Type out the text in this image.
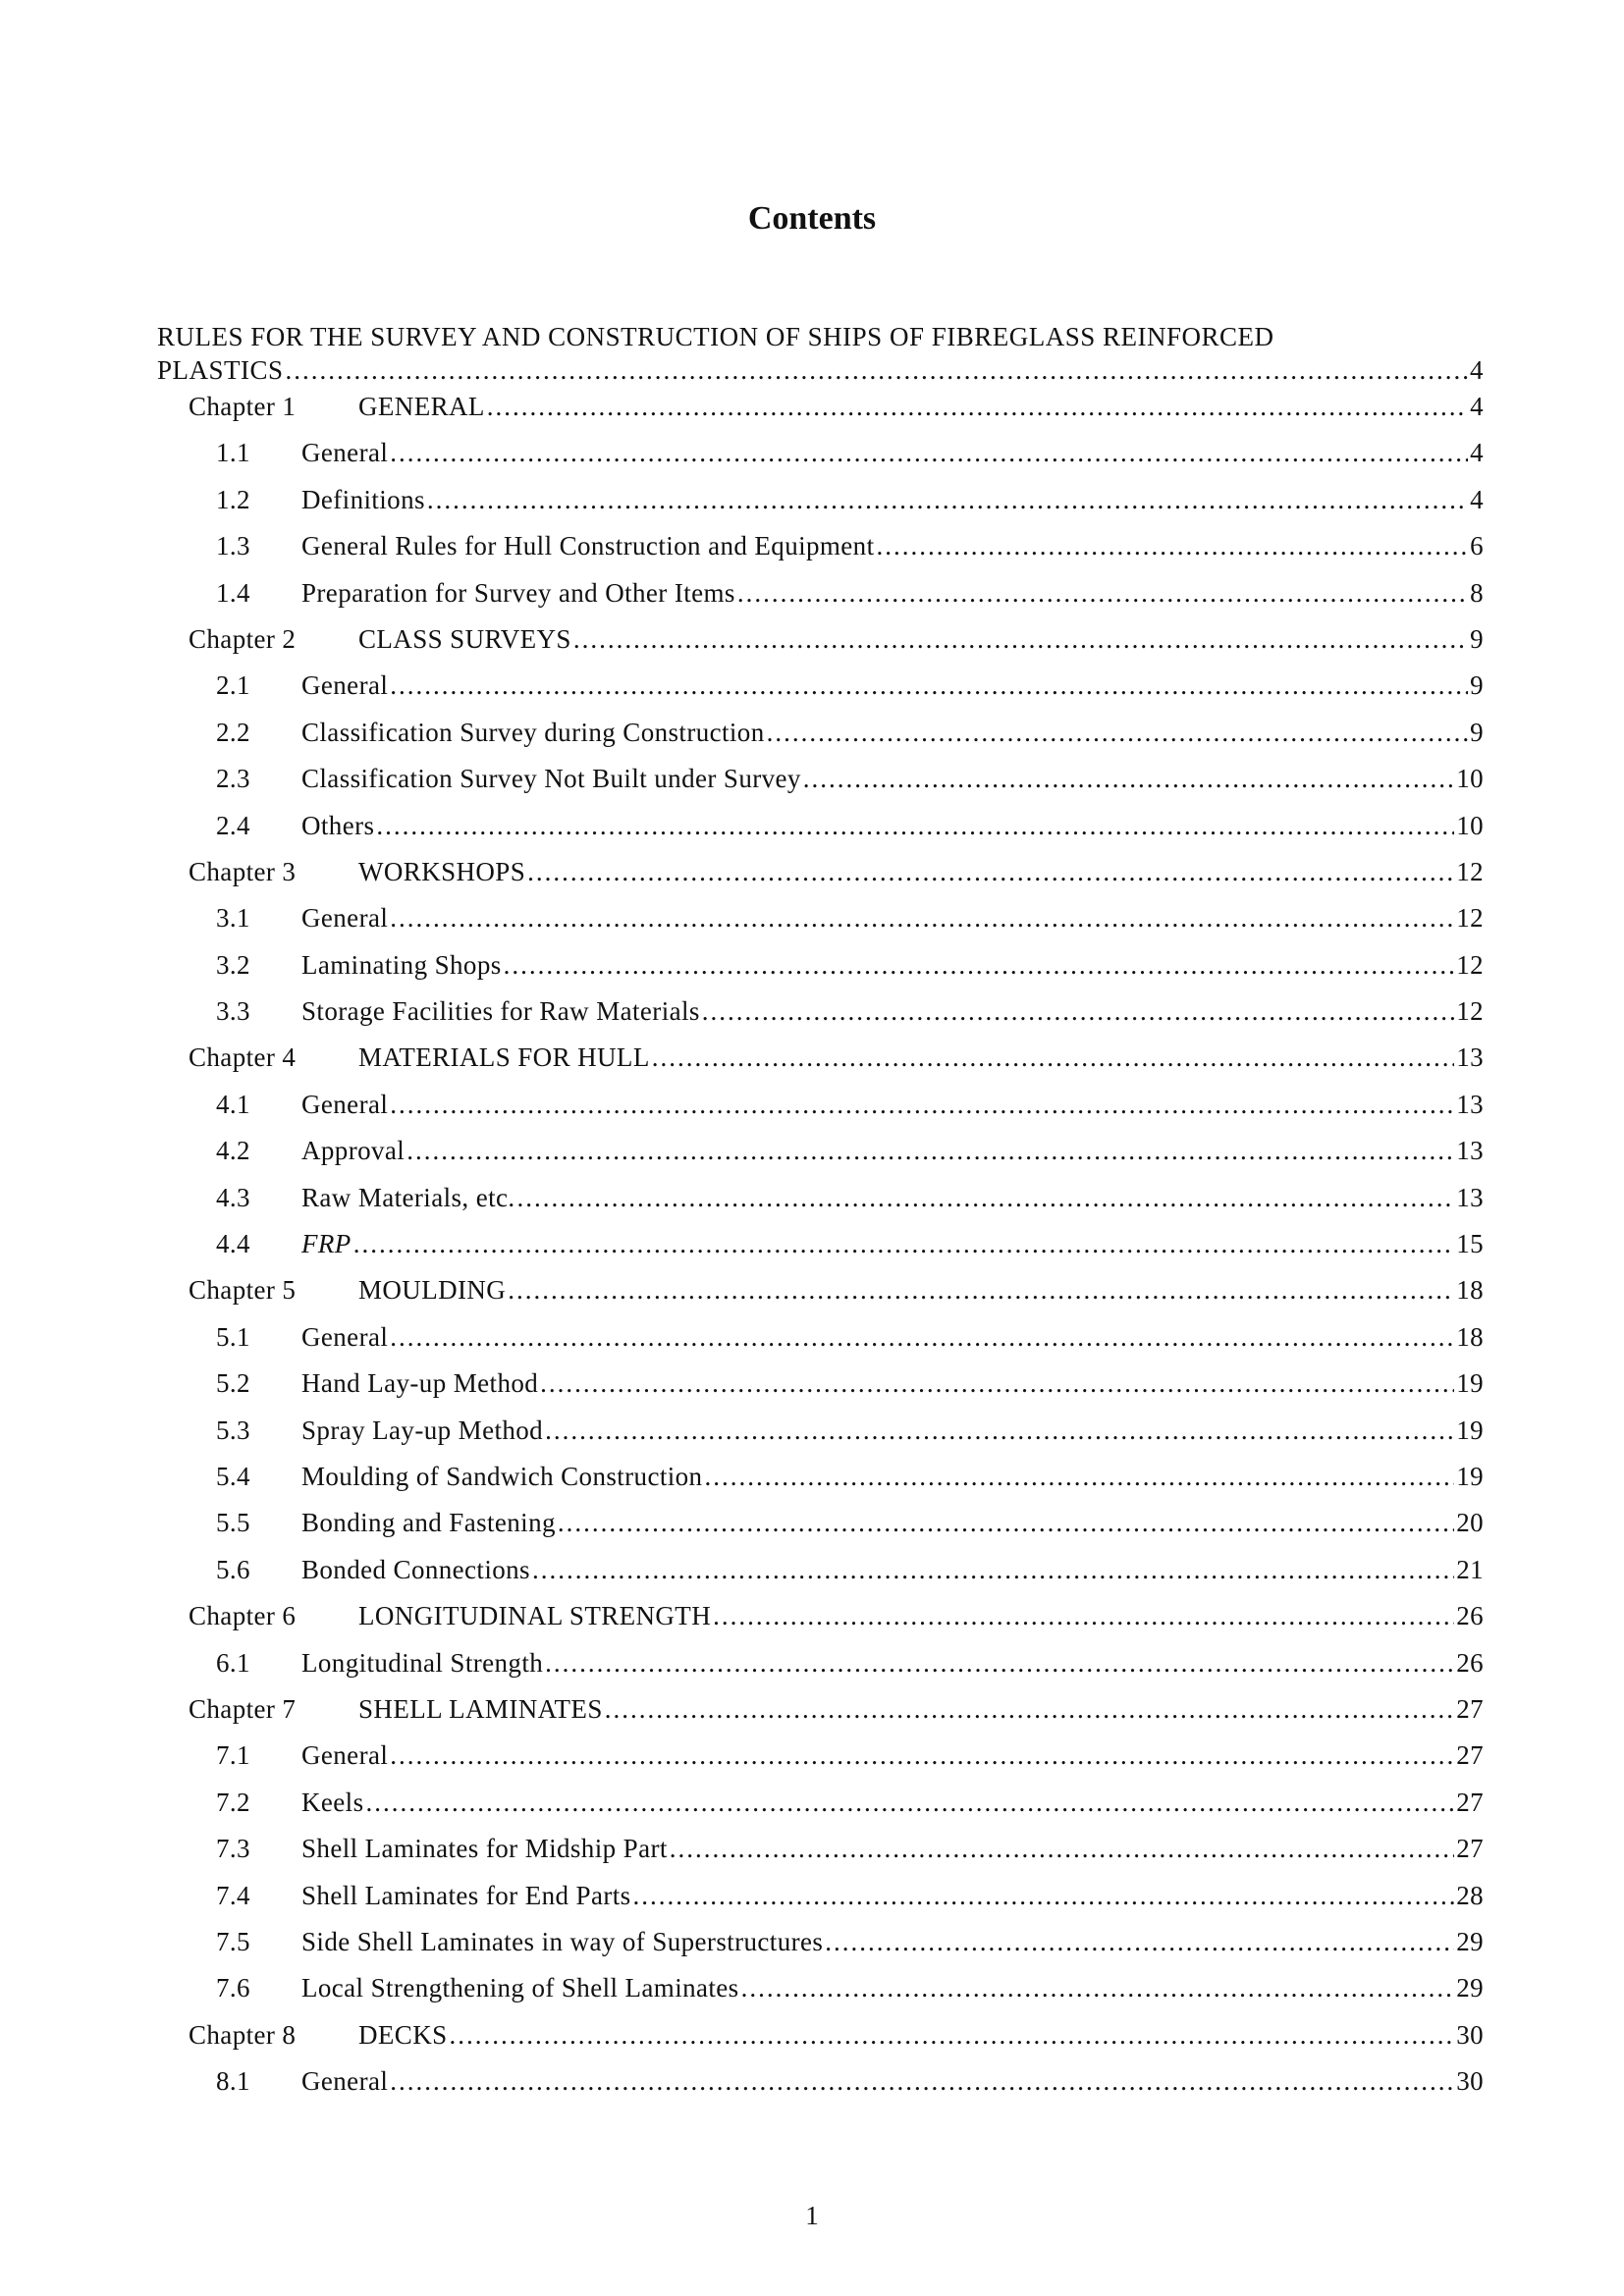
Contents
RULES FOR THE SURVEY AND CONSTRUCTION OF SHIPS OF FIBREGLASS REINFORCED
PLASTICS .....	4
Chapter 1	GENERAL .....	4
1.1	General .....	4
1.2	Definitions .....	4
1.3	General Rules for Hull Construction and Equipment .....	6
1.4	Preparation for Survey and Other Items .....	8
Chapter 2	CLASS SURVEYS .....	9
2.1	General .....	9
2.2	Classification Survey during Construction .....	9
2.3	Classification Survey Not Built under Survey .....	10
2.4	Others .....	10
Chapter 3	WORKSHOPS .....	12
3.1	General .....	12
3.2	Laminating Shops .....	12
3.3	Storage Facilities for Raw Materials .....	12
Chapter 4	MATERIALS FOR HULL .....	13
4.1	General .....	13
4.2	Approval .....	13
4.3	Raw Materials, etc. .....	13
4.4	FRP .....	15
Chapter 5	MOULDING .....	18
5.1	General .....	18
5.2	Hand Lay-up Method .....	19
5.3	Spray Lay-up Method .....	19
5.4	Moulding of Sandwich Construction .....	19
5.5	Bonding and Fastening .....	20
5.6	Bonded Connections .....	21
Chapter 6	LONGITUDINAL STRENGTH .....	26
6.1	Longitudinal Strength .....	26
Chapter 7	SHELL LAMINATES .....	27
7.1	General .....	27
7.2	Keels .....	27
7.3	Shell Laminates for Midship Part .....	27
7.4	Shell Laminates for End Parts .....	28
7.5	Side Shell Laminates in way of Superstructures .....	29
7.6	Local Strengthening of Shell Laminates .....	29
Chapter 8	DECKS .....	30
8.1	General .....	30
1
